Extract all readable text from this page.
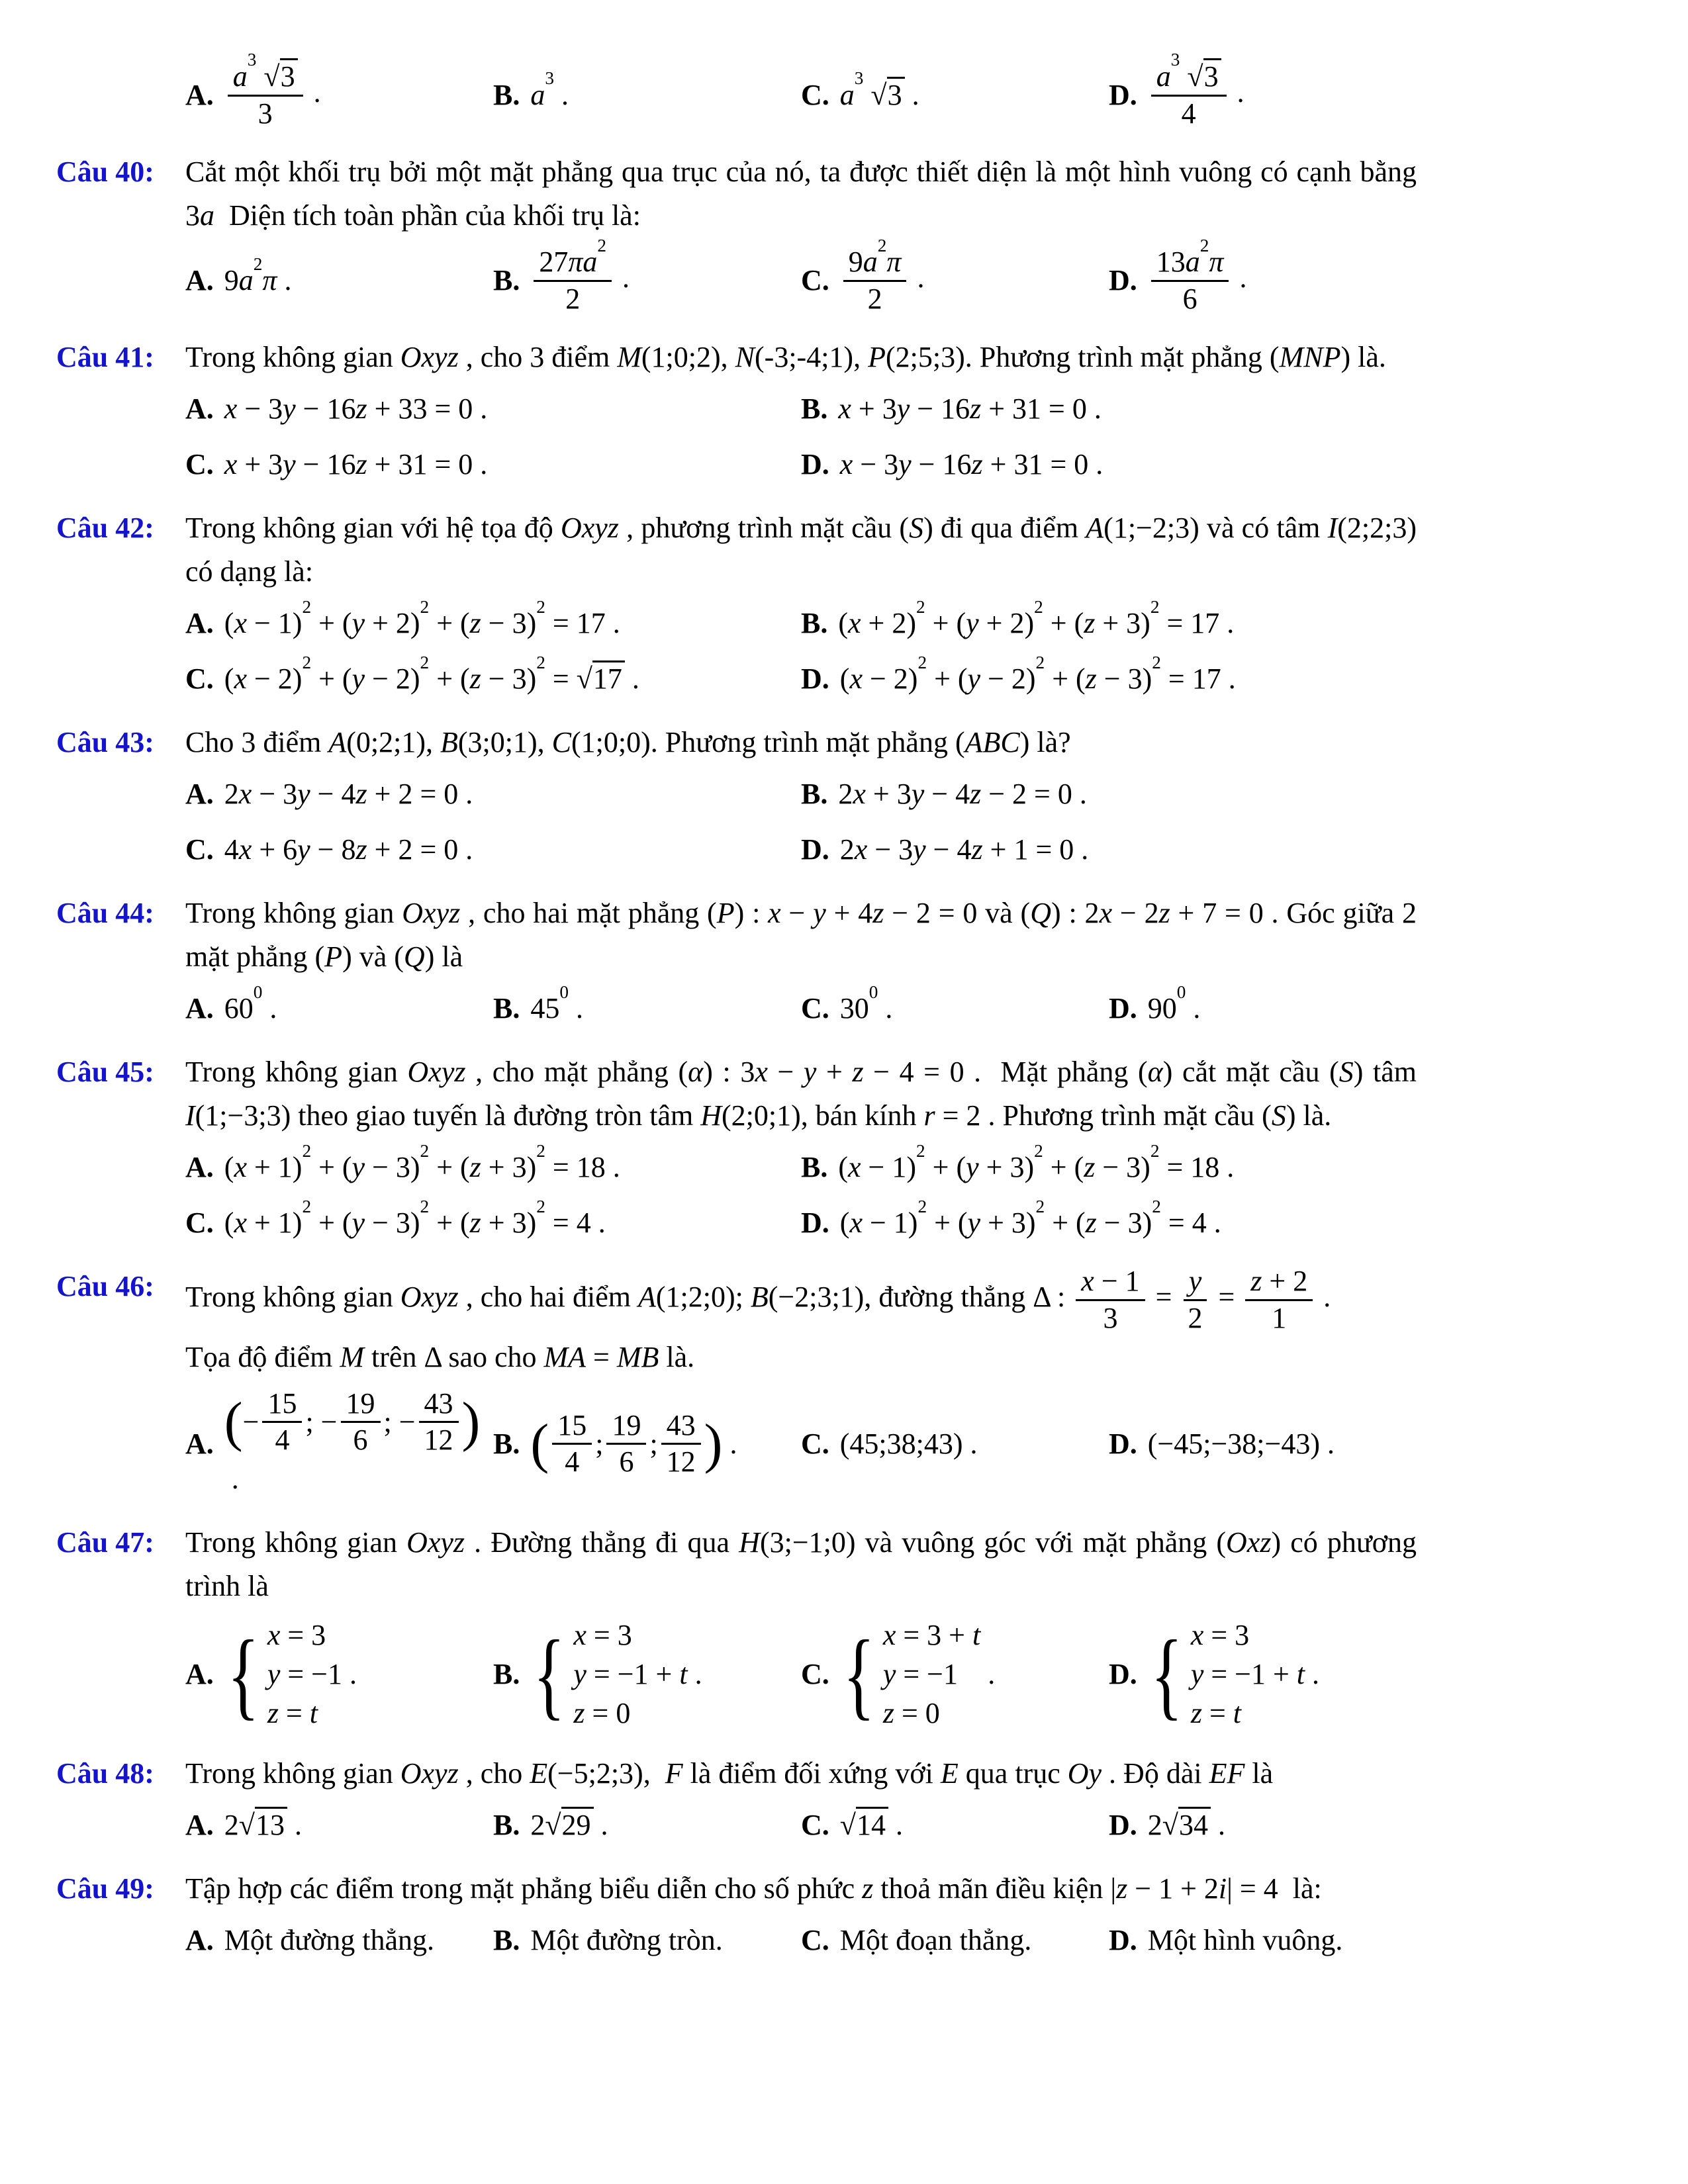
A. $\frac{a^3 √3}{3}$ .	B. $a^3$ .	C. $a^3$ √3 .	D. $\frac{a^3 √3}{4}$ .
Câu 40:	Cắt một khối trụ bởi một mặt phẳng qua trục của nó, ta được thiết diện là một hình vuông có cạnh bằng 3a  Diện tích toàn phần của khối trụ là:

A. $9a^2\pi$ .	B. $\frac{27\pi a^2}{2}$ .	C. $\frac{9a^2\pi}{2}$ .	D. $\frac{13a^2\pi}{6}$ .
Câu 41:	Trong không gian Oxyz , cho 3 điểm M(1;0;2), N(-3;-4;1), P(2;5;3). Phương trình mặt phẳng (MNP) là.

A. x − 3y − 16z + 33 = 0 .	B. x + 3y − 16z + 31 = 0 .
C. x + 3y − 16z + 31 = 0 .	D. x − 3y − 16z + 31 = 0 .
Câu 42:	Trong không gian với hệ tọa độ Oxyz , phương trình mặt cầu (S) đi qua điểm A(1;−2;3) và có tâm I(2;2;3) có dạng là:

A. $(x - 1)^2 + (y + 2)^2 + (z - 3)^2 = 17$ .	B. $(x + 2)^2 + (y + 2)^2 + (z + 3)^2 = 17$ .
C. $(x - 2)^2 + (y - 2)^2 + (z - 3)^2 = √17$ .	D. $(x - 2)^2 + (y - 2)^2 + (z - 3)^2 = 17$ .
Câu 43:	Cho 3 điểm A(0;2;1), B(3;0;1), C(1;0;0). Phương trình mặt phẳng (ABC) là?

A. 2x − 3y − 4z + 2 = 0 .	B. 2x + 3y − 4z − 2 = 0 .
C. 4x + 6y − 8z + 2 = 0 .	D. 2x − 3y − 4z + 1 = 0 .
Câu 44:	Trong không gian Oxyz , cho hai mặt phẳng (P) : x − y + 4z − 2 = 0 và (Q) : 2x − 2z + 7 = 0 . Góc giữa 2 mặt phẳng (P) và (Q) là

A. $60^0$ .	B. $45^0$ .	C. $30^0$ .	D. $90^0$ .
Câu 45:	Trong không gian Oxyz , cho mặt phẳng (α) : 3x − y + z − 4 = 0 .  Mặt phẳng (α) cắt mặt cầu (S) tâm I(1;−3;3) theo giao tuyến là đường tròn tâm H(2;0;1), bán kính r = 2 . Phương trình mặt cầu (S) là.

A. $(x + 1)^2 + (y - 3)^2 + (z + 3)^2 = 18$ .	B. $(x - 1)^2 + (y + 3)^2 + (z - 3)^2 = 18$ .
C. $(x + 1)^2 + (y - 3)^2 + (z + 3)^2 = 4$ .	D. $(x - 1)^2 + (y + 3)^2 + (z - 3)^2 = 4$ .
Câu 46:	Trong không gian Oxyz , cho hai điểm A(1;2;0); B(−2;3;1), đường thẳng Δ : $\frac{x - 1}{3} = \frac{y}{2} = \frac{z + 2}{1}$ .
Tọa độ điểm M trên Δ sao cho MA = MB là.

A. ( −
15
4
; −
19
6
; −
43
12 )
.
B. ( 15
4
;
19
6
;
43
12 ) . C. (45;38;43) .	D. (−45;−38;−43) .
Câu 47:	Trong không gian Oxyz . Đường thẳng đi qua H(3;−1;0) và vuông góc với mặt phẳng (Oxz) có phương trình là

A. { x = 3
y = −1
z = t
.	B. { x = 3
y = −1 + t
z = 0
.	C. { x = 3 + t
y = −1
z = 0
.	D. { x = 3
y = −1 + t
z = t
.
Câu 48:	Trong không gian Oxyz , cho E(−5;2;3),  F là điểm đối xứng với E qua trục Oy . Độ dài EF là

A. 2√13 .	B. 2√29 .	C. √14 .	D. 2√34 .
Câu 49:	Tập hợp các điểm trong mặt phẳng biểu diễn cho số phức z thoả mãn điều kiện |z − 1 + 2i| = 4  là:

A. Một đường thẳng. B. Một đường tròn.	C. Một đoạn thẳng.	D. Một hình vuông.
